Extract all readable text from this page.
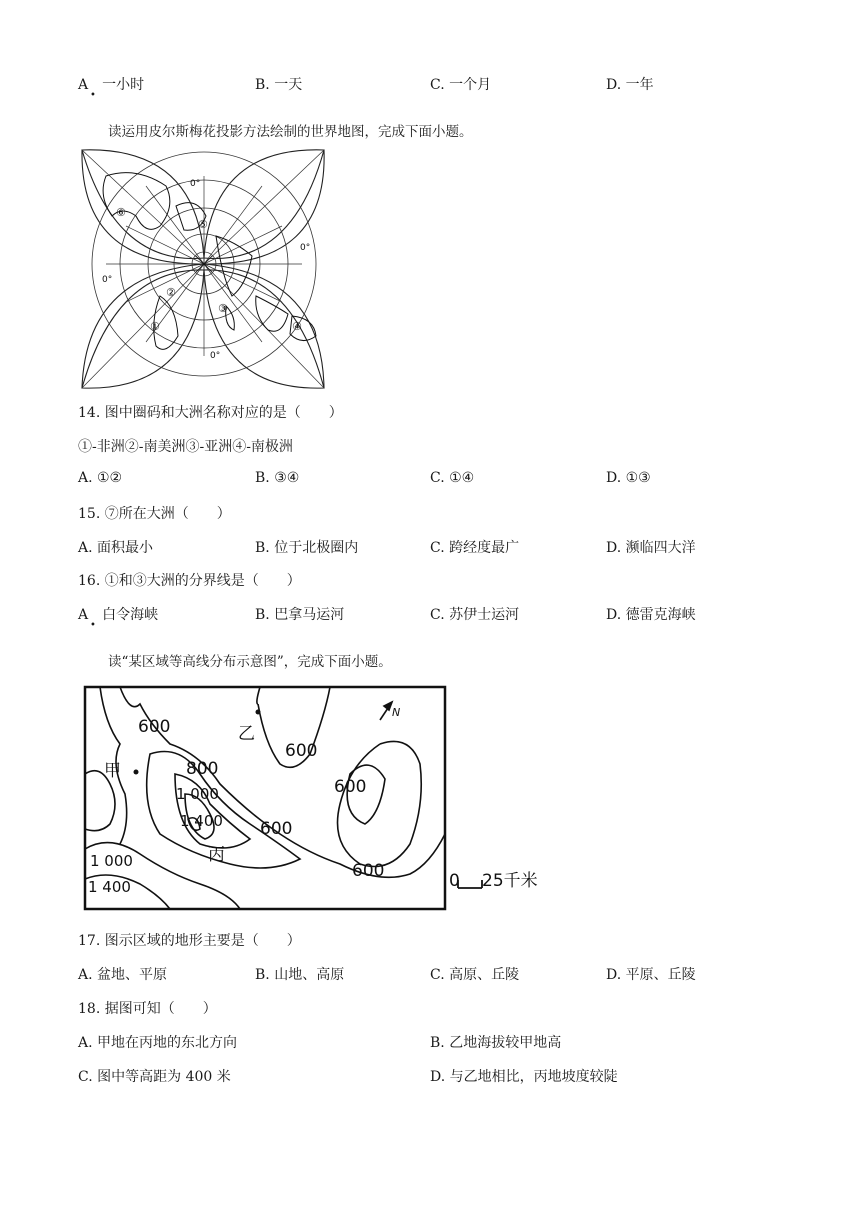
A　一小时
•
B. 一天	C. 一个月	D. 一年
读运用皮尔斯梅花投影方法绘制的世界地图，完成下面小题。
⑥
⑤
②
①
③
④
0°
0°
0°
0°
14. 图中圈码和大洲名称对应的是（　　）
①-非洲②-南美洲③-亚洲④-南极洲
A. ①②	B. ③④	C. ①④	D. ①③
15. ⑦所在大洲（　　）
A. 面积最小	B. 位于北极圈内	C. 跨经度最广	D. 濒临四大洋
16. ①和③大洲的分界线是（　　）
A　白令海峡
•
B. 巴拿马运河	C. 苏伊士运河	D. 德雷克海峡
读“某区域等高线分布示意图”，完成下面小题。
600	乙
600
甲	800
1 000
1 400
600
600
丙
1 000
1 400
600
N
0 25千米
17. 图示区域的地形主要是（　　）
A. 盆地、平原	B. 山地、高原	C. 高原、丘陵	D. 平原、丘陵
18. 据图可知（　　）
A. 甲地在丙地的东北方向	B. 乙地海拔较甲地高
C. 图中等高距为 400 米	D. 与乙地相比，丙地坡度较陡
